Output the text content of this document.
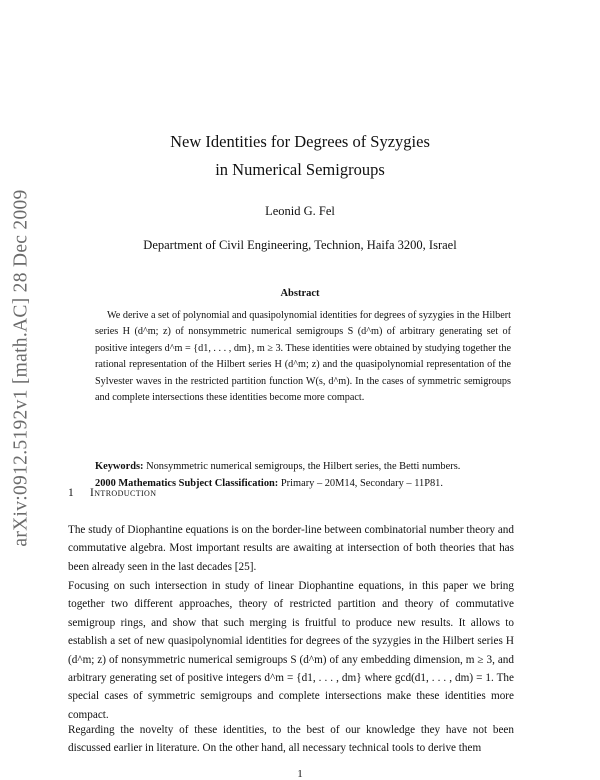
arXiv:0912.5192v1 [math.AC] 28 Dec 2009
New Identities for Degrees of Syzygies
in Numerical Semigroups
Leonid G. Fel
Department of Civil Engineering, Technion, Haifa 3200, Israel
Abstract

We derive a set of polynomial and quasipolynomial identities for degrees of syzygies in the Hilbert series H (d^m; z) of nonsymmetric numerical semigroups S (d^m) of arbitrary generating set of positive integers d^m = {d1, . . . , dm}, m ≥ 3. These identities were obtained by studying together the rational representation of the Hilbert series H (d^m; z) and the quasipolynomial representation of the Sylvester waves in the restricted partition function W(s, d^m). In the cases of symmetric semigroups and complete intersections these identities become more compact.

Keywords: Nonsymmetric numerical semigroups, the Hilbert series, the Betti numbers.

2000 Mathematics Subject Classification: Primary – 20M14, Secondary – 11P81.

1 Introduction

The study of Diophantine equations is on the border-line between combinatorial number theory and commutative algebra. Most important results are awaiting at intersection of both theories that has been already seen in the last decades [25].

Focusing on such intersection in study of linear Diophantine equations, in this paper we bring together two different approaches, theory of restricted partition and theory of commutative semigroup rings, and show that such merging is fruitful to produce new results. It allows to establish a set of new quasipolynomial identities for degrees of the syzygies in the Hilbert series H (d^m; z) of nonsymmetric numerical semigroups S (d^m) of any embedding dimension, m ≥ 3, and arbitrary generating set of positive integers d^m = {d1, . . . , dm} where gcd(d1, . . . , dm) = 1. The special cases of symmetric semigroups and complete intersections make these identities more compact.

Regarding the novelty of these identities, to the best of our knowledge they have not been discussed earlier in literature. On the other hand, all necessary technical tools to derive them

1
